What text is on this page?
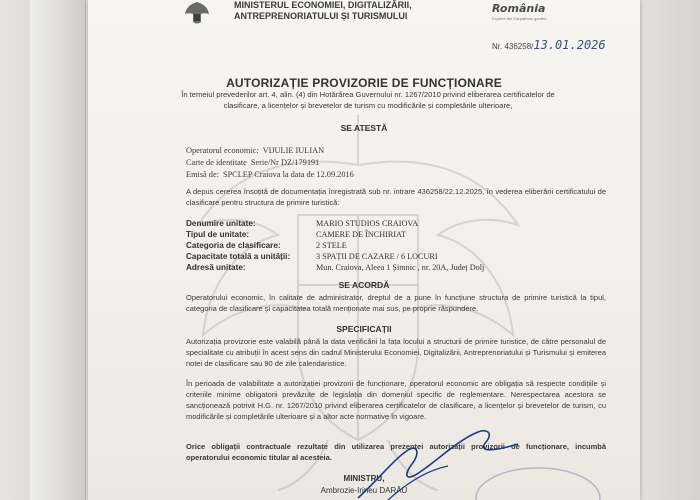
MINISTERUL ECONOMIEI, DIGITALIZĂRII,
ANTREPRENORIATULUI ȘI TURISMULUI
România
Explore the Carpathian garden
Nr. 436258/13.01.2026
AUTORIZAȚIE PROVIZORIE DE FUNCȚIONARE
În temeiul prevederilor art. 4, alin. (4) din Hotărârea Guvernului nr. 1267/2010 privind eliberarea certificatelor de clasificare, a licențelor și brevetelor de turism cu modificările și completările ulterioare,
SE ATESTĂ
Operatorul economic: VIJULIE IULIAN
Carte de identitate Serie/Nr DZ/179191
Emisă de: SPCLEP Craiova la data de 12.09.2016
A depus cererea însoțită de documentația înregistrată sub nr. intrare 436258/22.12.2025, în vederea eliberării certificatului de clasificare pentru structura de primire turistică:
Denumire unitate:	MARIO STUDIOS CRAIOVA
Tipul de unitate:	CAMERE DE ÎNCHIRIAT
Categoria de clasificare:	2 STELE
Capacitate totală a unității:	3 SPAȚII DE CAZARE / 6 LOCURI
Adresă unitate:	Mun. Craiova, Aleea 1 Șimnic , nr. 20A, Județ Dolj
SE ACORDĂ
Operatorului economic, în calitate de administrator, dreptul de a pune în funcțiune structura de primire turistică la tipul, categoria de clasificare și capacitatea totală menționate mai sus, pe proprie răspundere.
SPECIFICAȚII
Autorizația provizorie este valabilă până la data verificării la fața locului a structurii de primire turistice, de către personalul de specialitate cu atribuții în acest sens din cadrul Ministerului Economiei, Digitalizării, Antreprenoriatului și Turismului și emiterea notei de clasificare sau 90 de zile calendaristice.
În perioada de valabilitate a autorizației provizorii de funcționare, operatorul economic are obligația să respecte condițiile și criteriile minime obligatorii prevăzute de legislația din domeniul specific de reglementare. Nerespectarea acestora se sancționează potrivit H.G. nr. 1267/2010 privind eliberarea certificatelor de clasificare, a licențelor și brevetelor de turism, cu modificările și completările ulterioare și a altor acte normative în vigoare.
Orice obligații contractuale rezultate din utilizarea prezentei autorizații provizorii de funcționare, incumbă operatorului economic titular al acesteia.
MINISTRU,
Ambrozie-Irineu DARĂU
